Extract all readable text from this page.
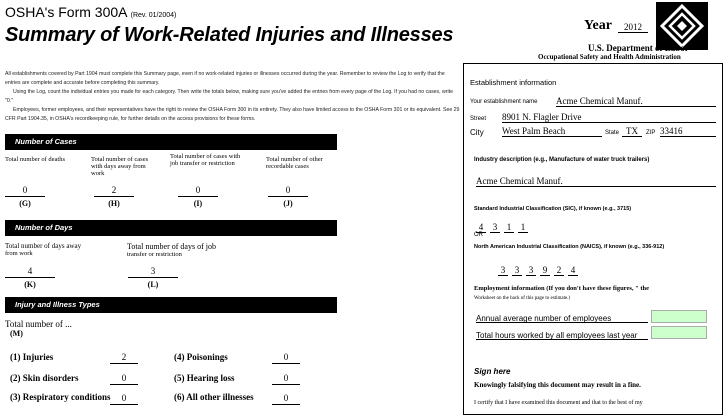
OSHA's Form 300A (Rev. 01/2004)
Summary of Work-Related Injuries and Illnesses	Year	2012
U.S. Department of Labor
Occupational Safety and Health Administration

All establishments covered by Part 1904 must complete this Summary page, even if no work-related injuries or illnesses occurred during the year. Remember to review the Log to verify that the entries are complete and accurate before completing this summary.

Using the Log, count the individual entries you made for each category. Then write the totals below, making sure you've added the entries from every page of the Log. If you had no cases, write "0."

Employees, former employees, and their representatives have the right to review the OSHA Form 300 in its entirety. They also have limited access to the OSHA Form 301 or its equivalent. See 29 CFR Part 1904.35, in OSHA's recordkeeping rule, for further details on the access provisions for these forms.

Number of Cases
Total number of deaths
0
(G)
Total number of cases with days away from work
2
(H)
Total number of cases with job transfer or restriction
0
(I)
Total number of other recordable cases
0
(J)
Number of Days
Total number of days away
from work
4
(K)
Total number of days of job
transfer or restriction
3
(L)
Injury and Illness Types
Total number of ...
(M)
(1) Injuries	2
(2) Skin disorders	0
(3) Respiratory conditions	0
(4) Poisonings	0
(5) Hearing loss	0
(6) All other illnesses	0
Establishment information
Your establishment name Acme Chemical Manuf.
Street 8901 N. Flagler Drive
City West Palm Beach	State TX	ZIP 33416
Industry description (e.g., Manufacture of water truck trailers)
Acme Chemical Manuf.
Standard Industrial Classification (SIC), if known (e.g., 3715)
4	3	1	1
OR
North American Industrial Classification (NAICS), if known (e.g., 336-912)
3	3	3	9	2	4
Employment information (If you don't have these figures, " the
Worksheet on the back of this page to estimate.)
Annual average number of employees
Total hours worked by all employees last year
Sign here
Knowingly falsifying this document may result in a fine.
I certify that I have examined this document and that to the best of my
